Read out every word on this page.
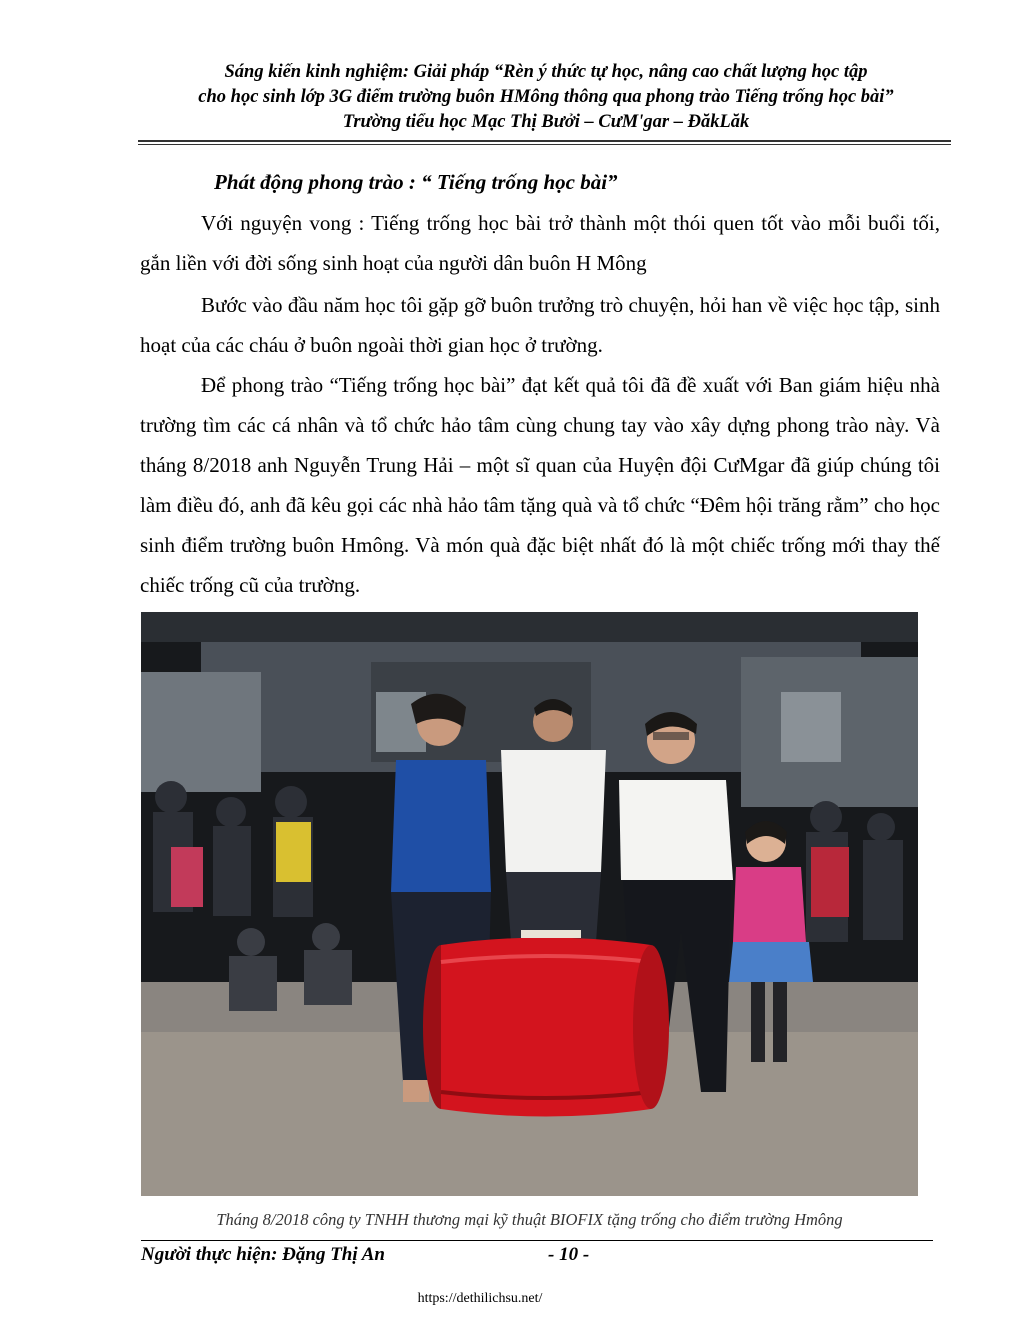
Sáng kiến kinh nghiệm: Giải pháp “Rèn ý thức tự học, nâng cao chất lượng học tập
cho học sinh lớp 3G điểm trường buôn HMông thông qua phong trào Tiếng trống học bài”
Trường tiểu học Mạc Thị Bưởi – CưM'gar – ĐăkLăk
Phát động phong trào : “ Tiếng trống học bài”
Với nguyện vong : Tiếng trống học bài trở thành một thói quen tốt vào mỗi buổi tối, gắn liền với đời sống sinh hoạt của người dân buôn H Mông
Bước vào đầu năm học tôi gặp gỡ buôn trưởng trò chuyện, hỏi han về việc học tập, sinh hoạt của các cháu ở buôn ngoài thời gian học ở trường.
Để phong trào “Tiếng trống học bài” đạt kết quả tôi đã đề xuất với Ban giám hiệu nhà trường tìm các cá nhân và tổ chức hảo tâm cùng chung tay vào xây dựng phong trào này. Và tháng 8/2018 anh Nguyễn Trung Hải – một sĩ quan của Huyện đội CưMgar đã giúp chúng tôi làm điều đó, anh đã kêu gọi các nhà hảo tâm tặng quà và tổ chức “Đêm hội trăng rằm” cho học sinh điểm trường buôn Hmông. Và món quà đặc biệt nhất đó là một chiếc trống mới thay thế chiếc trống cũ của trường.
Tháng 8/2018 công ty TNHH thương mại kỹ thuật BIOFIX tặng trống cho điểm trường Hmông
Người thực hiện: Đặng Thị An	- 10 -
https://dethilichsu.net/
